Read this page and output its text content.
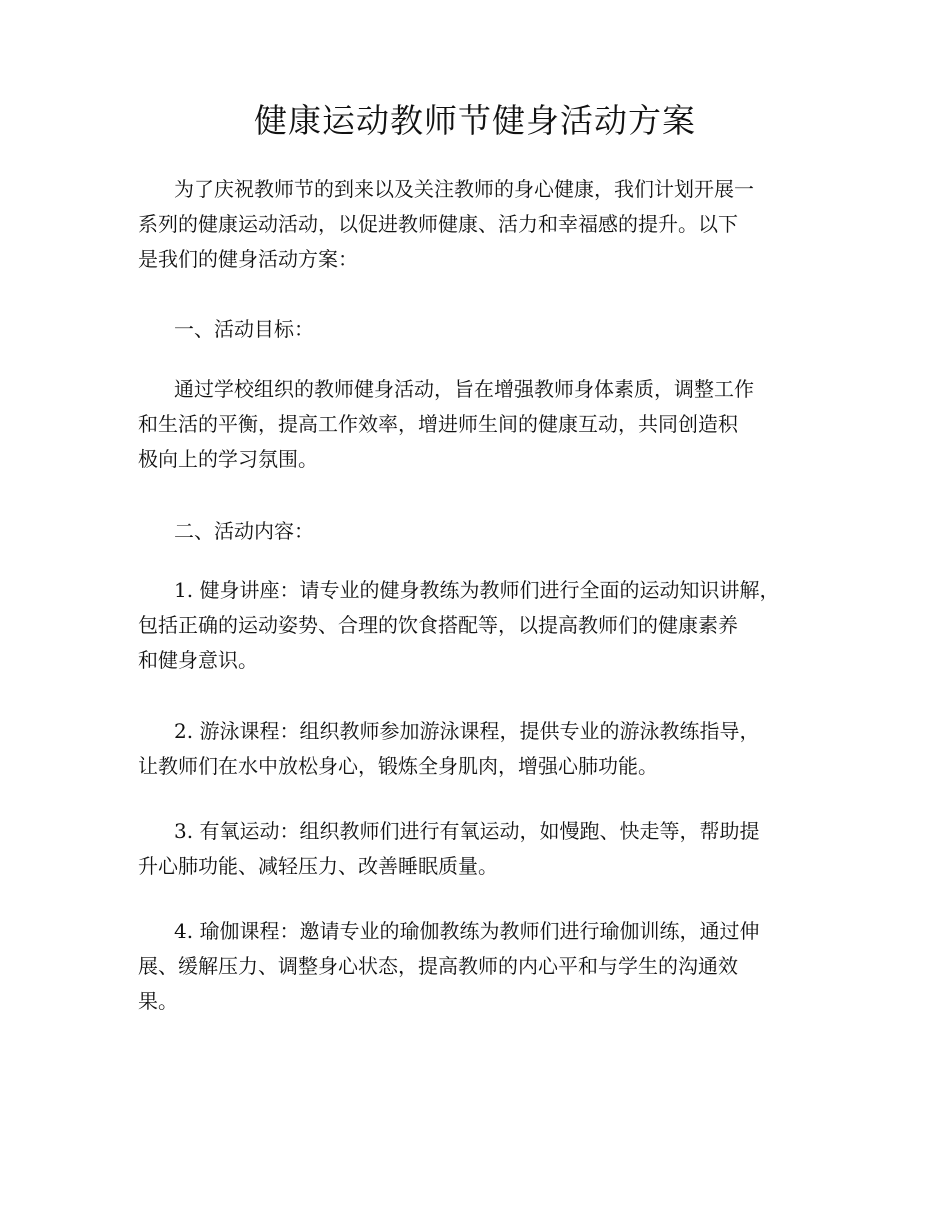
健康运动教师节健身活动方案

为了庆祝教师节的到来以及关注教师的身心健康，我们计划开展一
系列的健康运动活动，以促进教师健康、活力和幸福感的提升。以下
是我们的健身活动方案：

一、活动目标：

通过学校组织的教师健身活动，旨在增强教师身体素质，调整工作
和生活的平衡，提高工作效率，增进师生间的健康互动，共同创造积
极向上的学习氛围。

二、活动内容：

1. 健身讲座：请专业的健身教练为教师们进行全面的运动知识讲解，
包括正确的运动姿势、合理的饮食搭配等，以提高教师们的健康素养
和健身意识。

2. 游泳课程：组织教师参加游泳课程，提供专业的游泳教练指导，
让教师们在水中放松身心，锻炼全身肌肉，增强心肺功能。

3. 有氧运动：组织教师们进行有氧运动，如慢跑、快走等，帮助提
升心肺功能、减轻压力、改善睡眠质量。

4. 瑜伽课程：邀请专业的瑜伽教练为教师们进行瑜伽训练，通过伸
展、缓解压力、调整身心状态，提高教师的内心平和与学生的沟通效
果。
